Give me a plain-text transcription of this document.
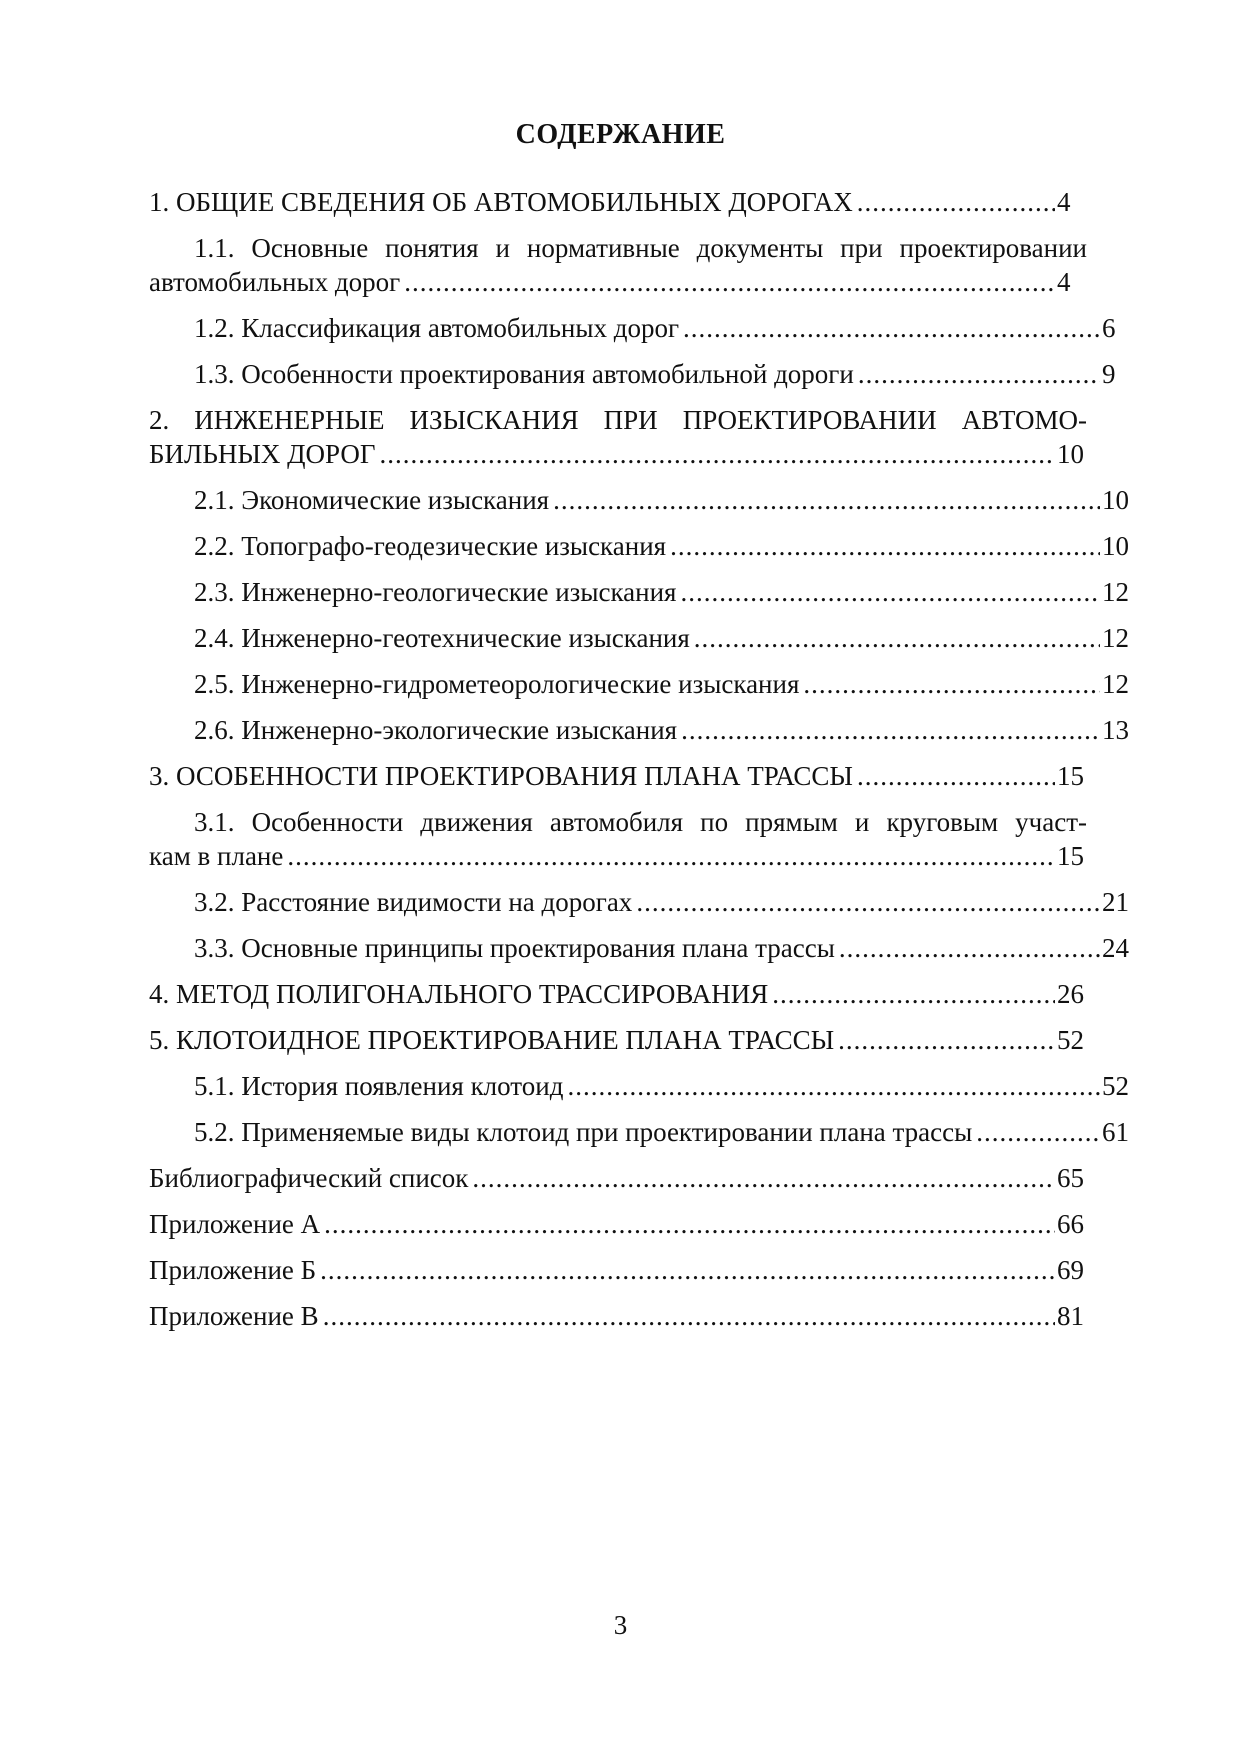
СОДЕРЖАНИЕ
1. ОБЩИЕ СВЕДЕНИЯ ОБ АВТОМОБИЛЬНЫХ ДОРОГАХ .....	4
1.1. Основные понятия и нормативные документы при проектировании
автомобильных дорог .....	4
1.2. Классификация автомобильных дорог .....	6
1.3. Особенности проектирования автомобильной дороги .....	9
2. ИНЖЕНЕРНЫЕ ИЗЫСКАНИЯ ПРИ ПРОЕКТИРОВАНИИ АВТОМО-
БИЛЬНЫХ ДОРОГ .....	10
2.1. Экономические изыскания .....	10
2.2. Топографо-геодезические изыскания .....	10
2.3. Инженерно-геологические изыскания .....	12
2.4. Инженерно-геотехнические изыскания .....	12
2.5. Инженерно-гидрометеорологические изыскания .....	12
2.6. Инженерно-экологические изыскания .....	13
3. ОСОБЕННОСТИ ПРОЕКТИРОВАНИЯ ПЛАНА ТРАССЫ .....	15
3.1. Особенности движения автомобиля по прямым и круговым участ-
кам в плане .....	15
3.2. Расстояние видимости на дорогах .....	21
3.3. Основные принципы проектирования плана трассы .....	24
4. МЕТОД ПОЛИГОНАЛЬНОГО ТРАССИРОВАНИЯ .....	26
5. КЛОТОИДНОЕ ПРОЕКТИРОВАНИЕ ПЛАНА ТРАССЫ .....	52
5.1. История появления клотоид .....	52
5.2. Применяемые виды клотоид при проектировании плана трассы .....	61
Библиографический список .....	65
Приложение А .....	66
Приложение Б .....	69
Приложение В .....	81
3
